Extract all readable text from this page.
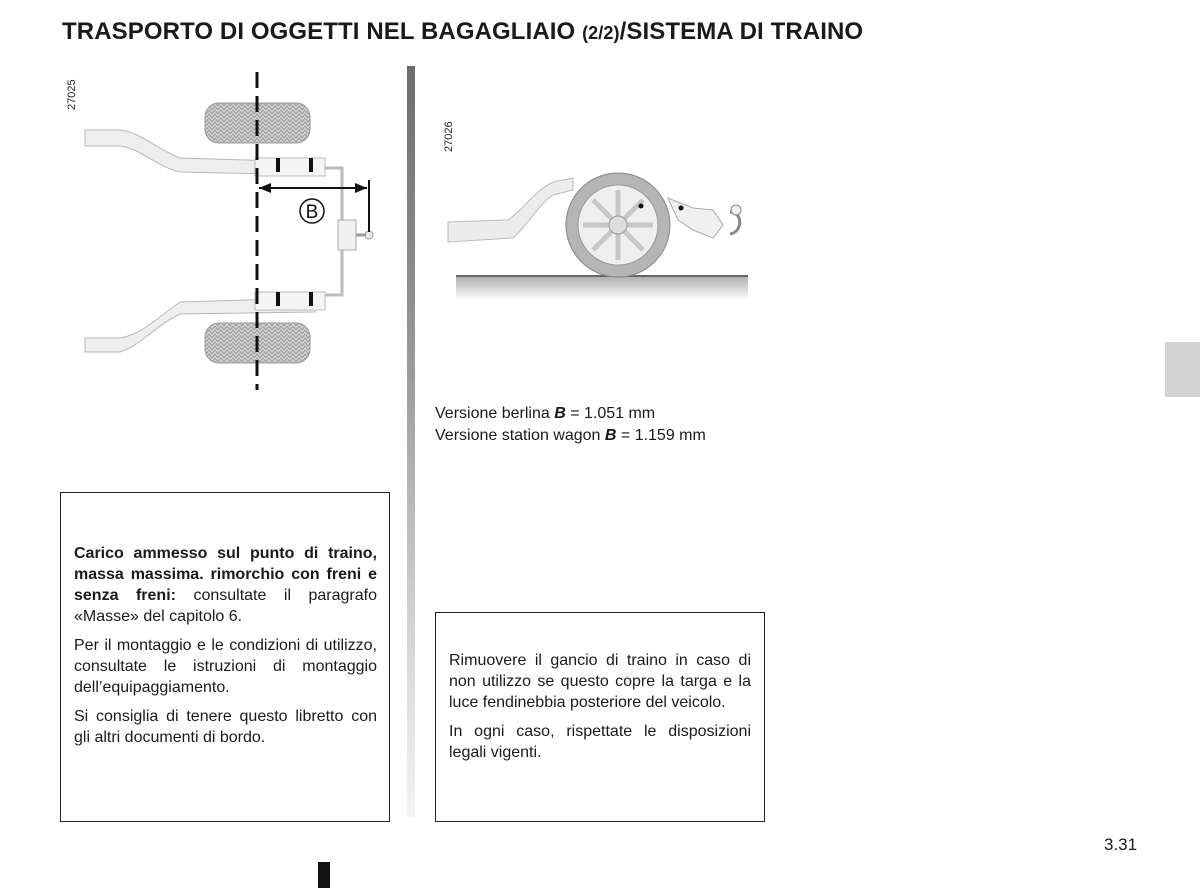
TRASPORTO DI OGGETTI NEL BAGAGLIAIO (2/2)/SISTEMA DI TRAINO
27025
B
27026
Versione berlina B = 1.051 mm
Versione station wagon B = 1.159 mm

Carico ammesso sul punto di traino, massa massima. rimorchio con freni e senza freni: consultate il paragrafo «Masse» del capitolo 6.

Per il montaggio e le condizioni di utilizzo, consultate le istruzioni di montaggio dell’equipaggiamento.

Si consiglia di tenere questo libretto con gli altri documenti di bordo.

Rimuovere il gancio di traino in caso di non utilizzo se questo copre la targa e la luce fendinebbia posteriore del veicolo.

In ogni caso, rispettate le disposizioni legali vigenti.

3.31
